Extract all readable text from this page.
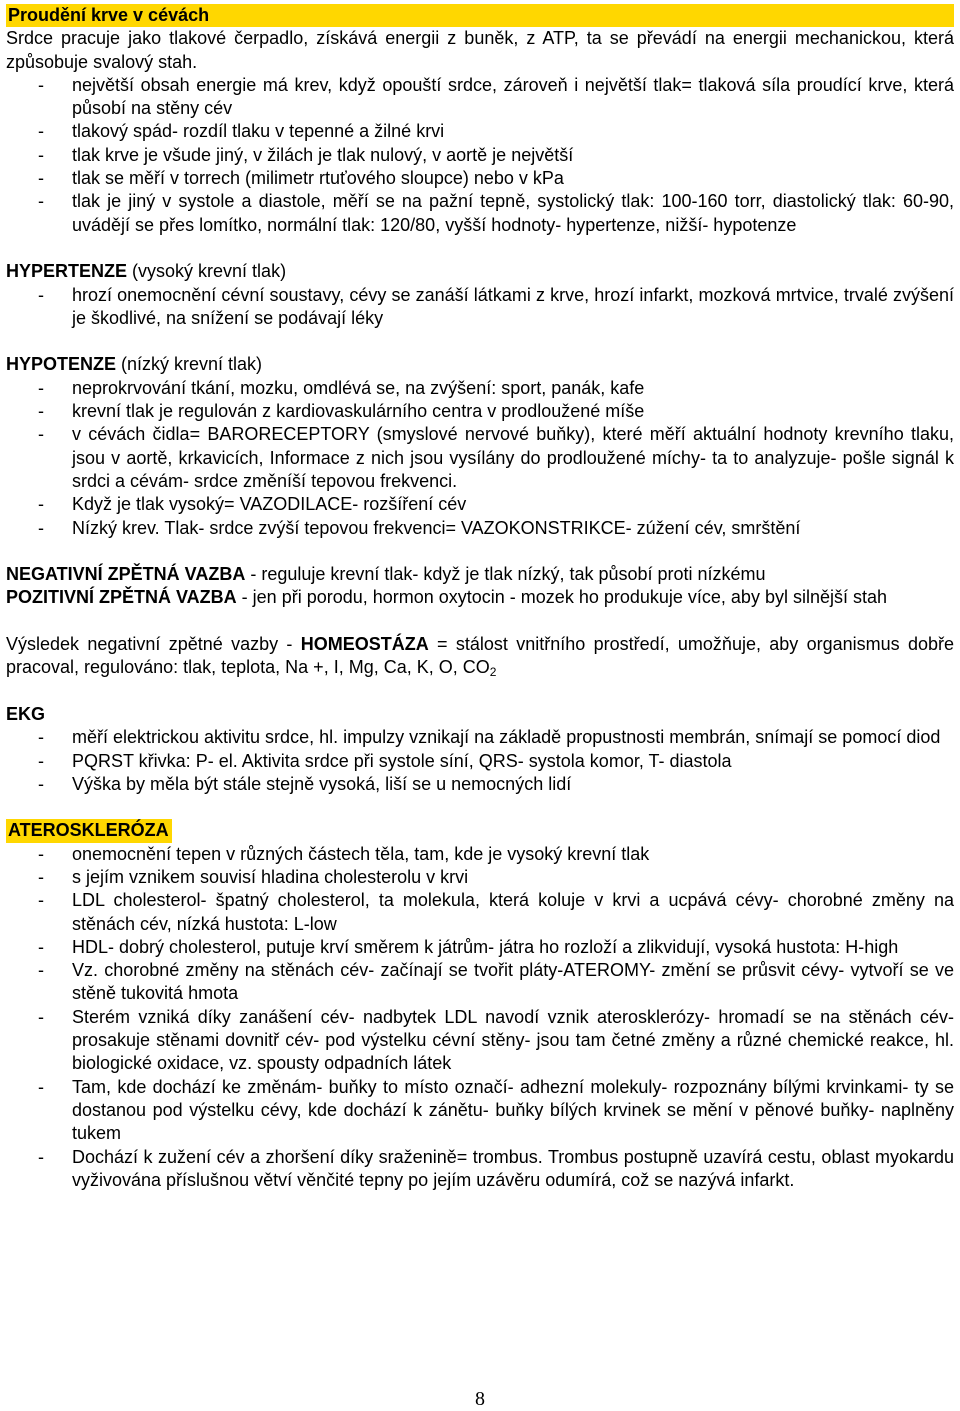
Proudění krve v cévách

Srdce pracuje jako tlakové čerpadlo, získává energii z buněk, z ATP, ta se převádí na energii mechanickou, která způsobuje svalový stah.

- největší obsah energie má krev, když opouští srdce, zároveň i největší tlak= tlaková síla proudící krve, která působí na stěny cév
- tlakový spád- rozdíl tlaku v tepenné a žilné krvi
- tlak krve je všude jiný, v žilách je tlak nulový, v aortě je největší
- tlak se měří v torrech (milimetr rtuťového sloupce) nebo v kPa
- tlak je jiný v systole a diastole, měří se na pažní tepně, systolický tlak: 100-160 torr, diastolický tlak: 60-90, uvádějí se přes lomítko, normální tlak: 120/80, vyšší hodnoty- hypertenze, nižší- hypotenze

HYPERTENZE (vysoký krevní tlak)

- hrozí onemocnění cévní soustavy, cévy se zanáší látkami z krve, hrozí infarkt, mozková mrtvice, trvalé zvýšení je škodlivé, na snížení se podávají léky

HYPOTENZE (nízký krevní tlak)

- neprokrvování tkání, mozku, omdlévá se, na zvýšení: sport, panák, kafe
- krevní tlak je regulován z kardiovaskulárního centra v prodloužené míše
- v cévách čidla= BARORECEPTORY (smyslové nervové buňky), které měří aktuální hodnoty krevního tlaku, jsou v aortě, krkavicích, Informace z nich jsou vysílány do prodloužené míchy- ta to analyzuje- pošle signál k srdci a cévám- srdce změníší tepovou frekvenci.
- Když je tlak vysoký= VAZODILACE- rozšíření cév
- Nízký krev. Tlak- srdce zvýší tepovou frekvenci= VAZOKONSTRIKCE- zúžení cév, smrštění

NEGATIVNÍ ZPĚTNÁ VAZBA - reguluje krevní tlak- když je tlak nízký, tak působí proti nízkému

POZITIVNÍ ZPĚTNÁ VAZBA - jen při porodu, hormon oxytocin - mozek ho produkuje více, aby byl silnější stah

Výsledek negativní zpětné vazby - HOMEOSTÁZA = stálost vnitřního prostředí, umožňuje, aby organismus dobře pracoval, regulováno: tlak, teplota, Na +, I, Mg, Ca, K, O, $CO_2$

EKG

- měří elektrickou aktivitu srdce, hl. impulzy vznikají na základě propustnosti membrán, snímají se pomocí diod
- PQRST křivka: P- el. Aktivita srdce při systole síní, QRS- systola komor, T- diastola
- Výška by měla být stále stejně vysoká, liší se u nemocných lidí

ATEROSKLERÓZA

- onemocnění tepen v různých částech těla, tam, kde je vysoký krevní tlak
- s jejím vznikem souvisí hladina cholesterolu v krvi
- LDL cholesterol- špatný cholesterol, ta molekula, která koluje v krvi a ucpává cévy- chorobné změny na stěnách cév, nízká hustota: L-low
- HDL- dobrý cholesterol, putuje krví směrem k játrům- játra ho rozloží a zlikvidují, vysoká hustota: H-high
- Vz. chorobné změny na stěnách cév- začínají se tvořit pláty-ATEROMY- změní se průsvit cévy- vytvoří se ve stěně tukovitá hmota
- Sterém vzniká díky zanášení cév- nadbytek LDL navodí vznik aterosklerózy- hromadí se na stěnách cév- prosakuje stěnami dovnitř cév- pod výstelku cévní stěny- jsou tam četné změny a různé chemické reakce, hl. biologické oxidace, vz. spousty odpadních látek
- Tam, kde dochází ke změnám- buňky to místo označí- adhezní molekuly- rozpoznány bílými krvinkami- ty se dostanou pod výstelku cévy, kde dochází k zánětu- buňky bílých krvinek se mění v pěnové buňky- naplněny tukem
- Dochází k zužení cév a zhoršení díky sraženině= trombus. Trombus postupně uzavírá cestu, oblast myokardu vyživována příslušnou větví věnčité tepny po jejím uzávěru odumírá, což se nazývá infarkt.
8
